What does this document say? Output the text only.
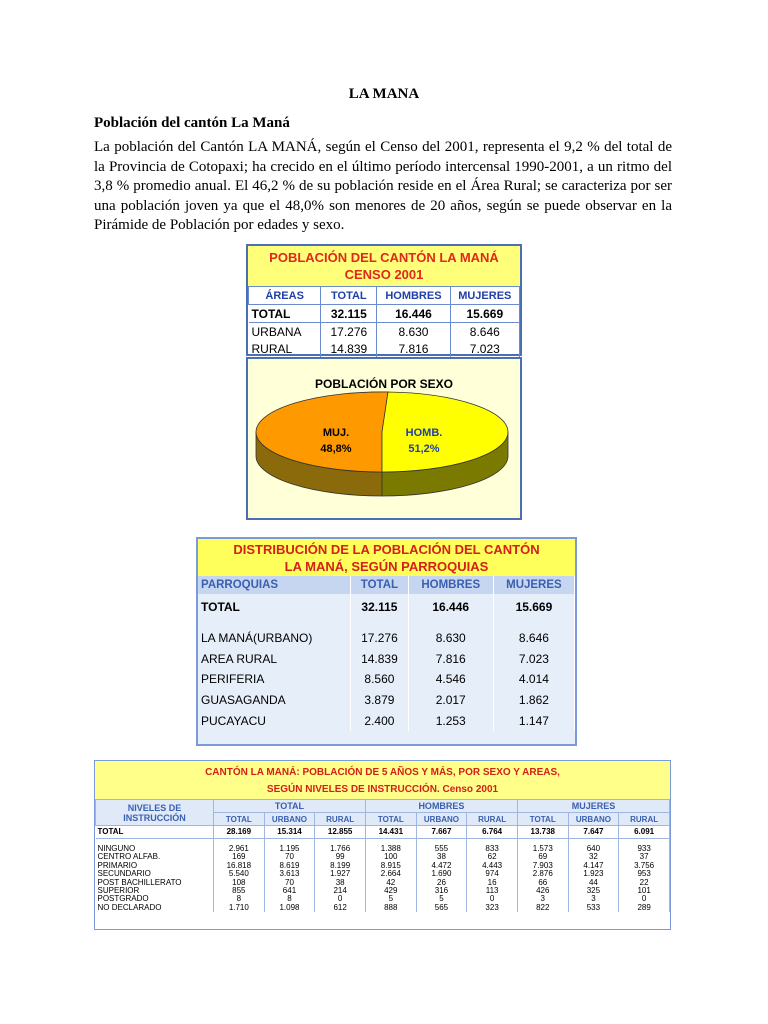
LA MANA
Población del cantón La Maná
La población del Cantón LA MANÁ, según el Censo del 2001, representa el 9,2 % del total de la Provincia de Cotopaxi; ha crecido en el último período intercensal 1990-2001, a un ritmo del 3,8 % promedio anual. El 46,2 % de su población reside en el Área Rural; se caracteriza por ser una población joven ya que el 48,0% son menores de 20 años, según se puede observar en la Pirámide de Población por edades y sexo.
POBLACIÓN DEL CANTÓN LA MANÁ
CENSO 2001
ÁREAS	TOTAL	HOMBRES	MUJERES
TOTAL	32.115	16.446	15.669
URBANA	17.276	8.630	8.646
RURAL	14.839	7.816	7.023
POBLACIÓN POR SEXO
MUJ.
48,8%
HOMB.
51,2%
DISTRIBUCIÓN DE LA POBLACIÓN DEL CANTÓN
LA MANÁ, SEGÚN PARROQUIAS
PARROQUIAS	TOTAL	HOMBRES	MUJERES
TOTAL	32.115	16.446	15.669

LA MANÁ(URBANO)	17.276	8.630	8.646
AREA RURAL	14.839	7.816	7.023
PERIFERIA	8.560	4.546	4.014
GUASAGANDA	3.879	2.017	1.862
PUCAYACU	2.400	1.253	1.147
CANTÓN LA MANÁ: POBLACIÓN DE 5 AÑOS Y MÁS, POR SEXO Y AREAS,
SEGÚN NIVELES DE INSTRUCCIÓN. Censo 2001
NIVELES DE INSTRUCCIÓN	TOTAL			HOMBRES			MUJERES		
	TOTAL	URBANO	RURAL	TOTAL	URBANO	RURAL	TOTAL	URBANO	RURAL
TOTAL	28.169	15.314	12.855	14.431	7.667	6.764	13.738	7.647	6.091

NINGUNO	2.961	1.195	1.766	1.388	555	833	1.573	640	933
CENTRO ALFAB.	169	70	99	100	38	62	69	32	37
PRIMARIO	16.818	8.619	8.199	8.915	4.472	4.443	7.903	4.147	3.756
SECUNDARIO	5.540	3.613	1.927	2.664	1.690	974	2.876	1.923	953
POST BACHILLERATO	108	70	38	42	26	16	66	44	22
SUPERIOR	855	641	214	429	316	113	426	325	101
POSTGRADO	8	8	0	5	5	0	3	3	0
NO DECLARADO	1.710	1.098	612	888	565	323	822	533	289
